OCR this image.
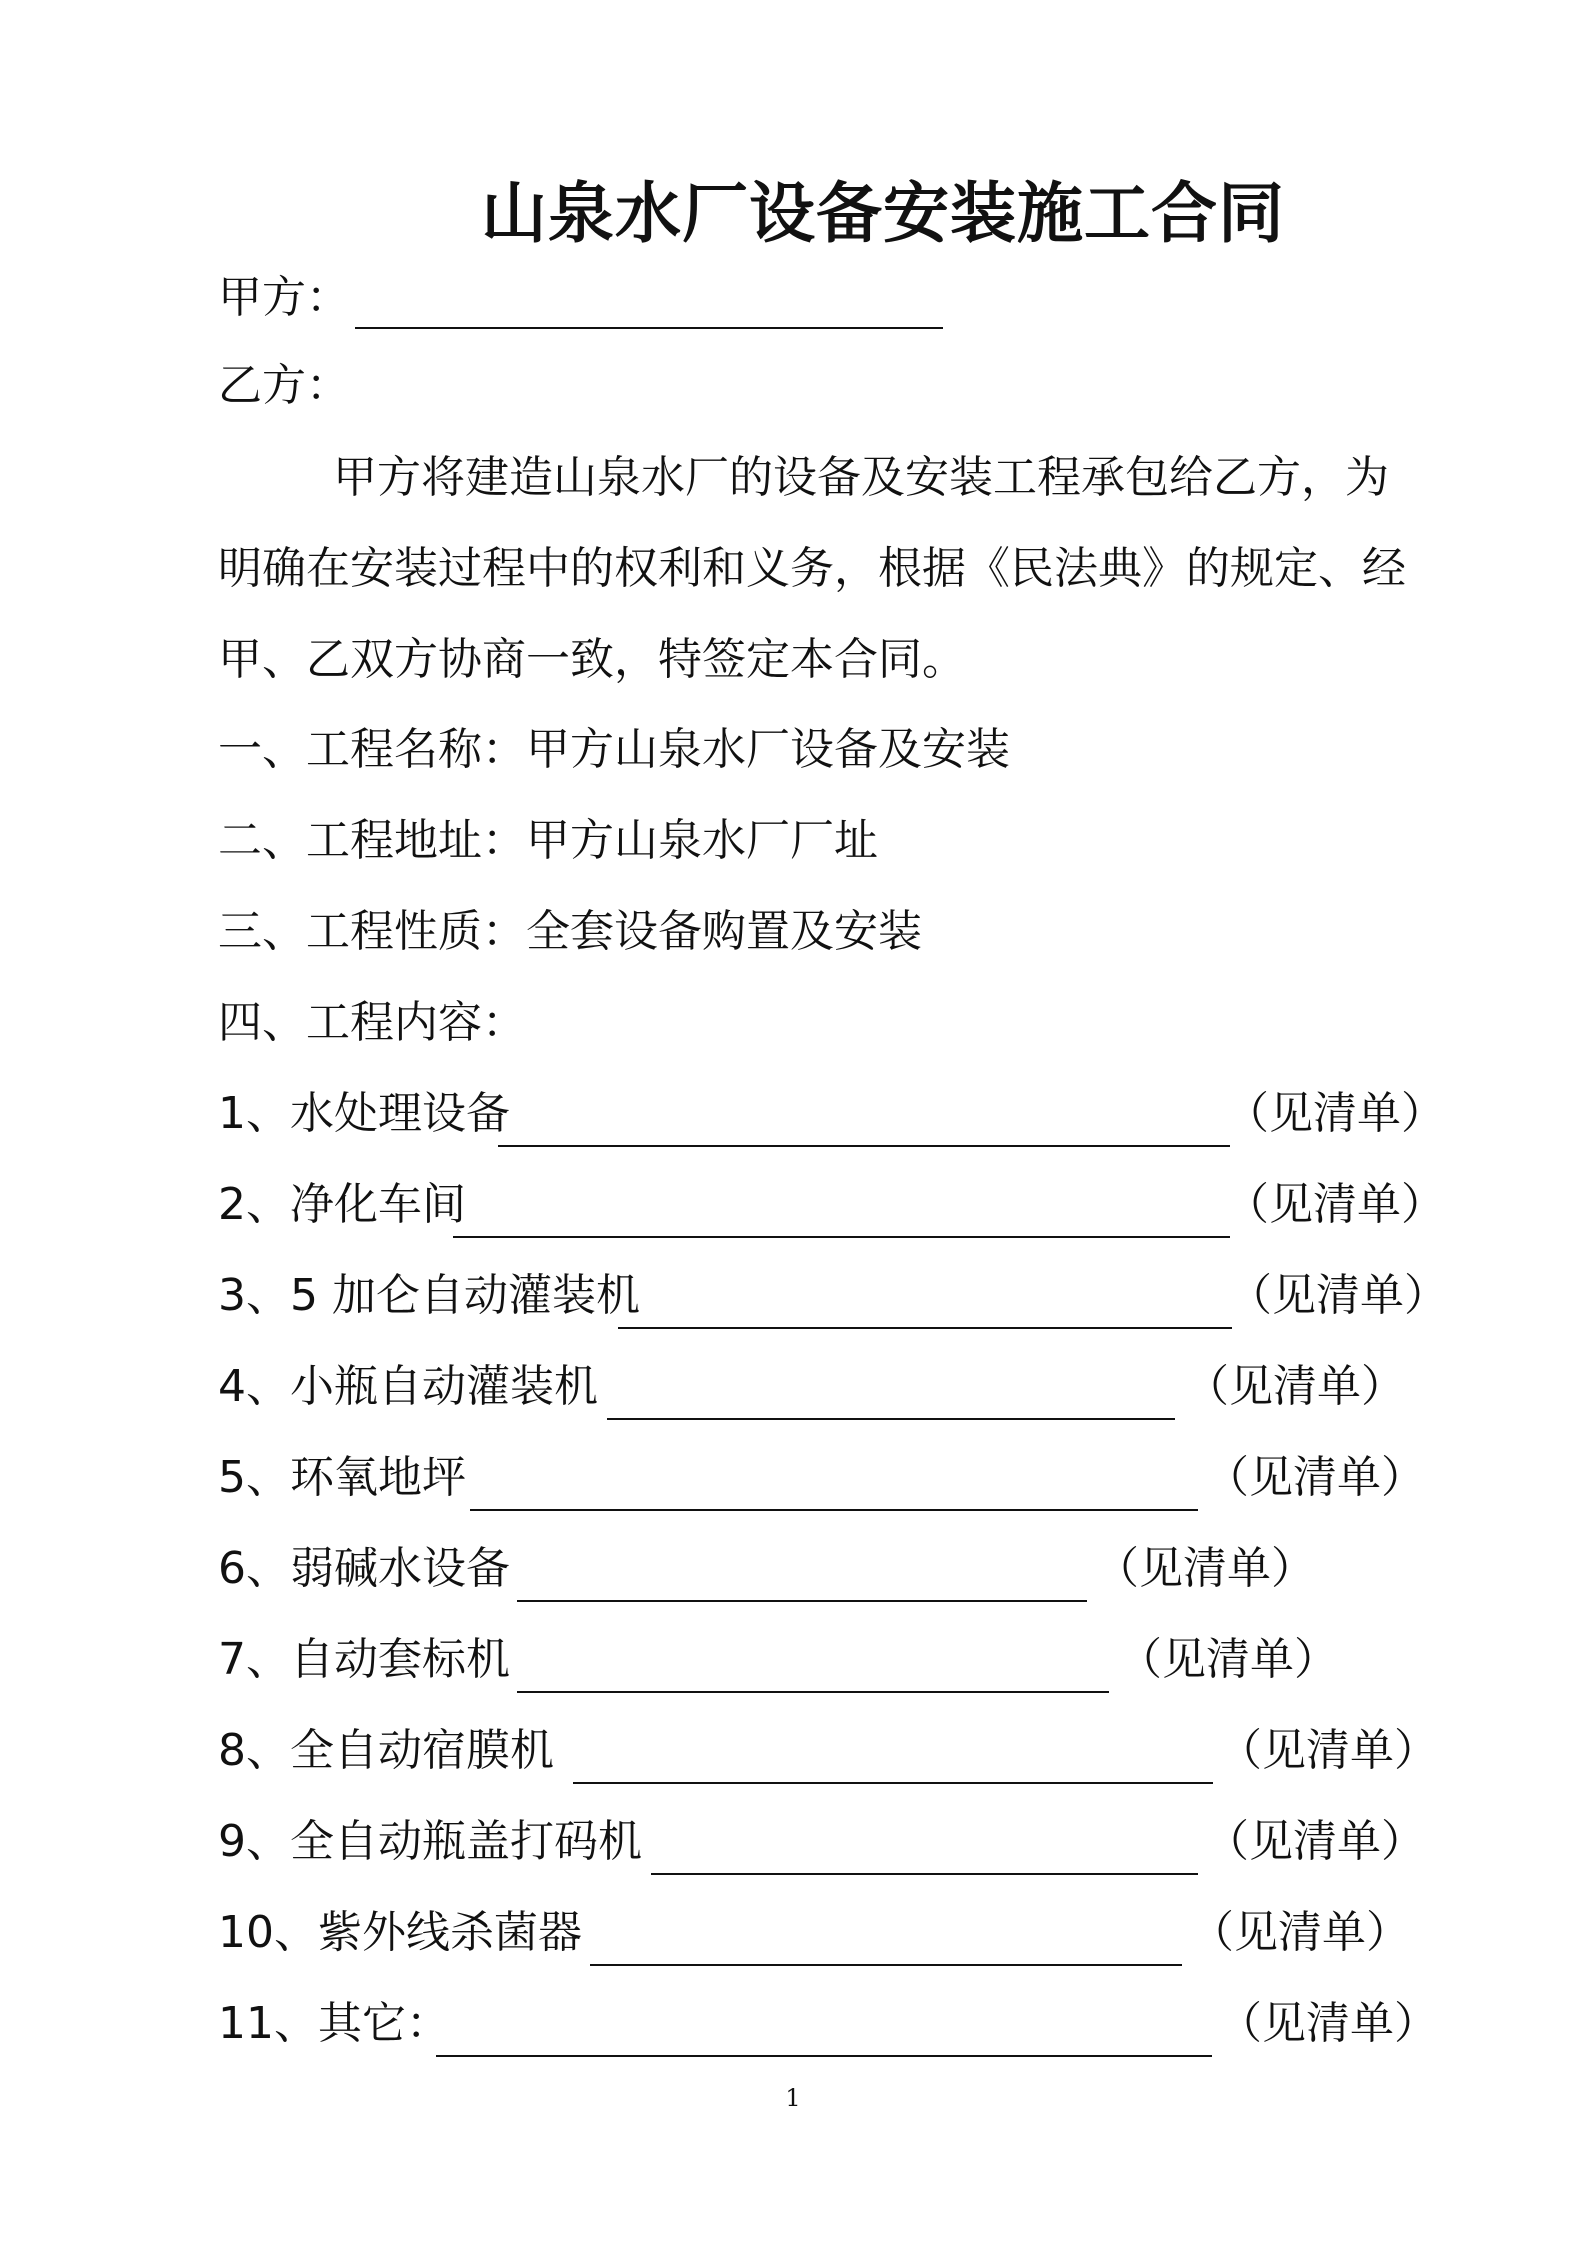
山泉水厂设备安装施工合同
甲方：
乙方：
甲方将建造山泉水厂的设备及安装工程承包给乙方，为明确在安装过程中的权利和义务，根据《民法典》的规定、经甲、乙双方协商一致，特签定本合同。
一、工程名称：甲方山泉水厂设备及安装
二、工程地址：甲方山泉水厂厂址
三、工程性质：全套设备购置及安装
四、工程内容：
1、水处理设备	（见清单）
2、净化车间	（见清单）
3、5 加仑自动灌装机	（见清单）
4、小瓶自动灌装机	（见清单）
5、环氧地坪	（见清单）
6、弱碱水设备	（见清单）
7、自动套标机	（见清单）
8、全自动宿膜机	（见清单）
9、全自动瓶盖打码机	（见清单）
10、紫外线杀菌器	（见清单）
11、其它：	（见清单）
1
